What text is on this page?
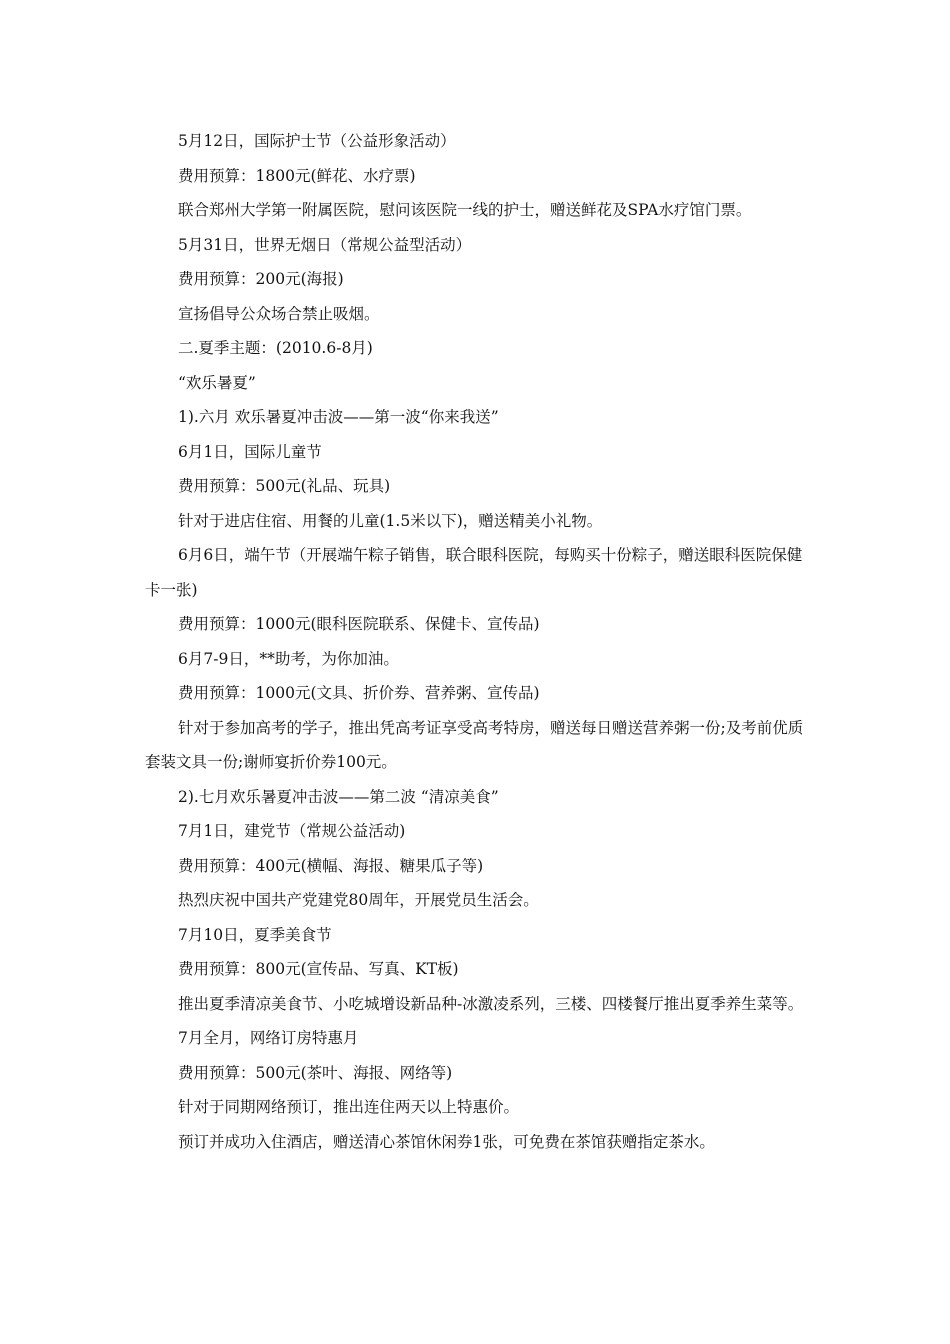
5月12日，国际护士节（公益形象活动）

费用预算：1800元(鲜花、水疗票)

联合郑州大学第一附属医院，慰问该医院一线的护士，赠送鲜花及SPA水疗馆门票。

5月31日，世界无烟日（常规公益型活动）

费用预算：200元(海报)

宣扬倡导公众场合禁止吸烟。

二.夏季主题：(2010.6-8月)

“欢乐暑夏”

1).六月 欢乐暑夏冲击波——第一波“你来我送”

6月1日，国际儿童节

费用预算：500元(礼品、玩具)

针对于进店住宿、用餐的儿童(1.5米以下)，赠送精美小礼物。

6月6日，端午节（开展端午粽子销售，联合眼科医院，每购买十份粽子，赠送眼科医院保健卡一张)

费用预算：1000元(眼科医院联系、保健卡、宣传品)

6月7-9日，**助考，为你加油。

费用预算：1000元(文具、折价券、营养粥、宣传品)

针对于参加高考的学子，推出凭高考证享受高考特房，赠送每日赠送营养粥一份;及考前优质套装文具一份;谢师宴折价券100元。

2).七月欢乐暑夏冲击波——第二波 “清凉美食”

7月1日，建党节（常规公益活动)

费用预算：400元(横幅、海报、糖果瓜子等)

热烈庆祝中国共产党建党80周年，开展党员生活会。

7月10日，夏季美食节

费用预算：800元(宣传品、写真、KT板)

推出夏季清凉美食节、小吃城增设新品种-冰激凌系列，三楼、四楼餐厅推出夏季养生菜等。

7月全月，网络订房特惠月

费用预算：500元(茶叶、海报、网络等)

针对于同期网络预订，推出连住两天以上特惠价。

预订并成功入住酒店，赠送清心茶馆休闲券1张，可免费在茶馆获赠指定茶水。
